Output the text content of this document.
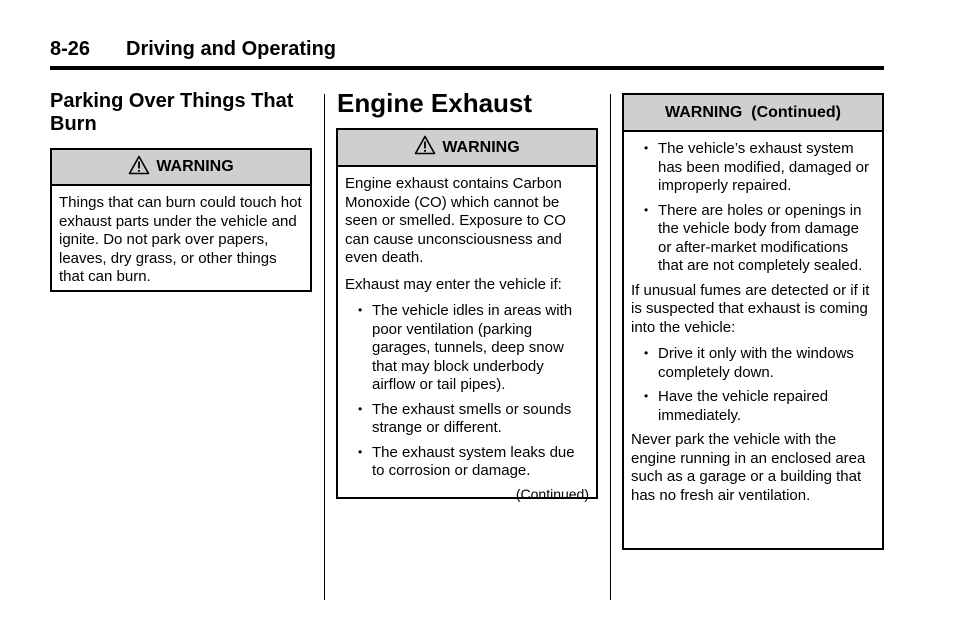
8-26 Driving and Operating
Parking Over Things That Burn
WARNING

Things that can burn could touch hot exhaust parts under the vehicle and ignite. Do not park over papers, leaves, dry grass, or other things that can burn.

Engine Exhaust
WARNING

Engine exhaust contains Carbon Monoxide (CO) which cannot be seen or smelled. Exposure to CO can cause unconsciousness and even death.

Exhaust may enter the vehicle if:

• The vehicle idles in areas with poor ventilation (parking garages, tunnels, deep snow that may block underbody airflow or tail pipes).
• The exhaust smells or sounds strange or different.
• The exhaust system leaks due to corrosion or damage.
(Continued)
WARNING  (Continued)
• The vehicle’s exhaust system has been modified, damaged or improperly repaired.
• There are holes or openings in the vehicle body from damage or after-market modifications that are not completely sealed.

If unusual fumes are detected or if it is suspected that exhaust is coming into the vehicle:

• Drive it only with the windows completely down.
• Have the vehicle repaired immediately.

Never park the vehicle with the engine running in an enclosed area such as a garage or a building that has no fresh air ventilation.
